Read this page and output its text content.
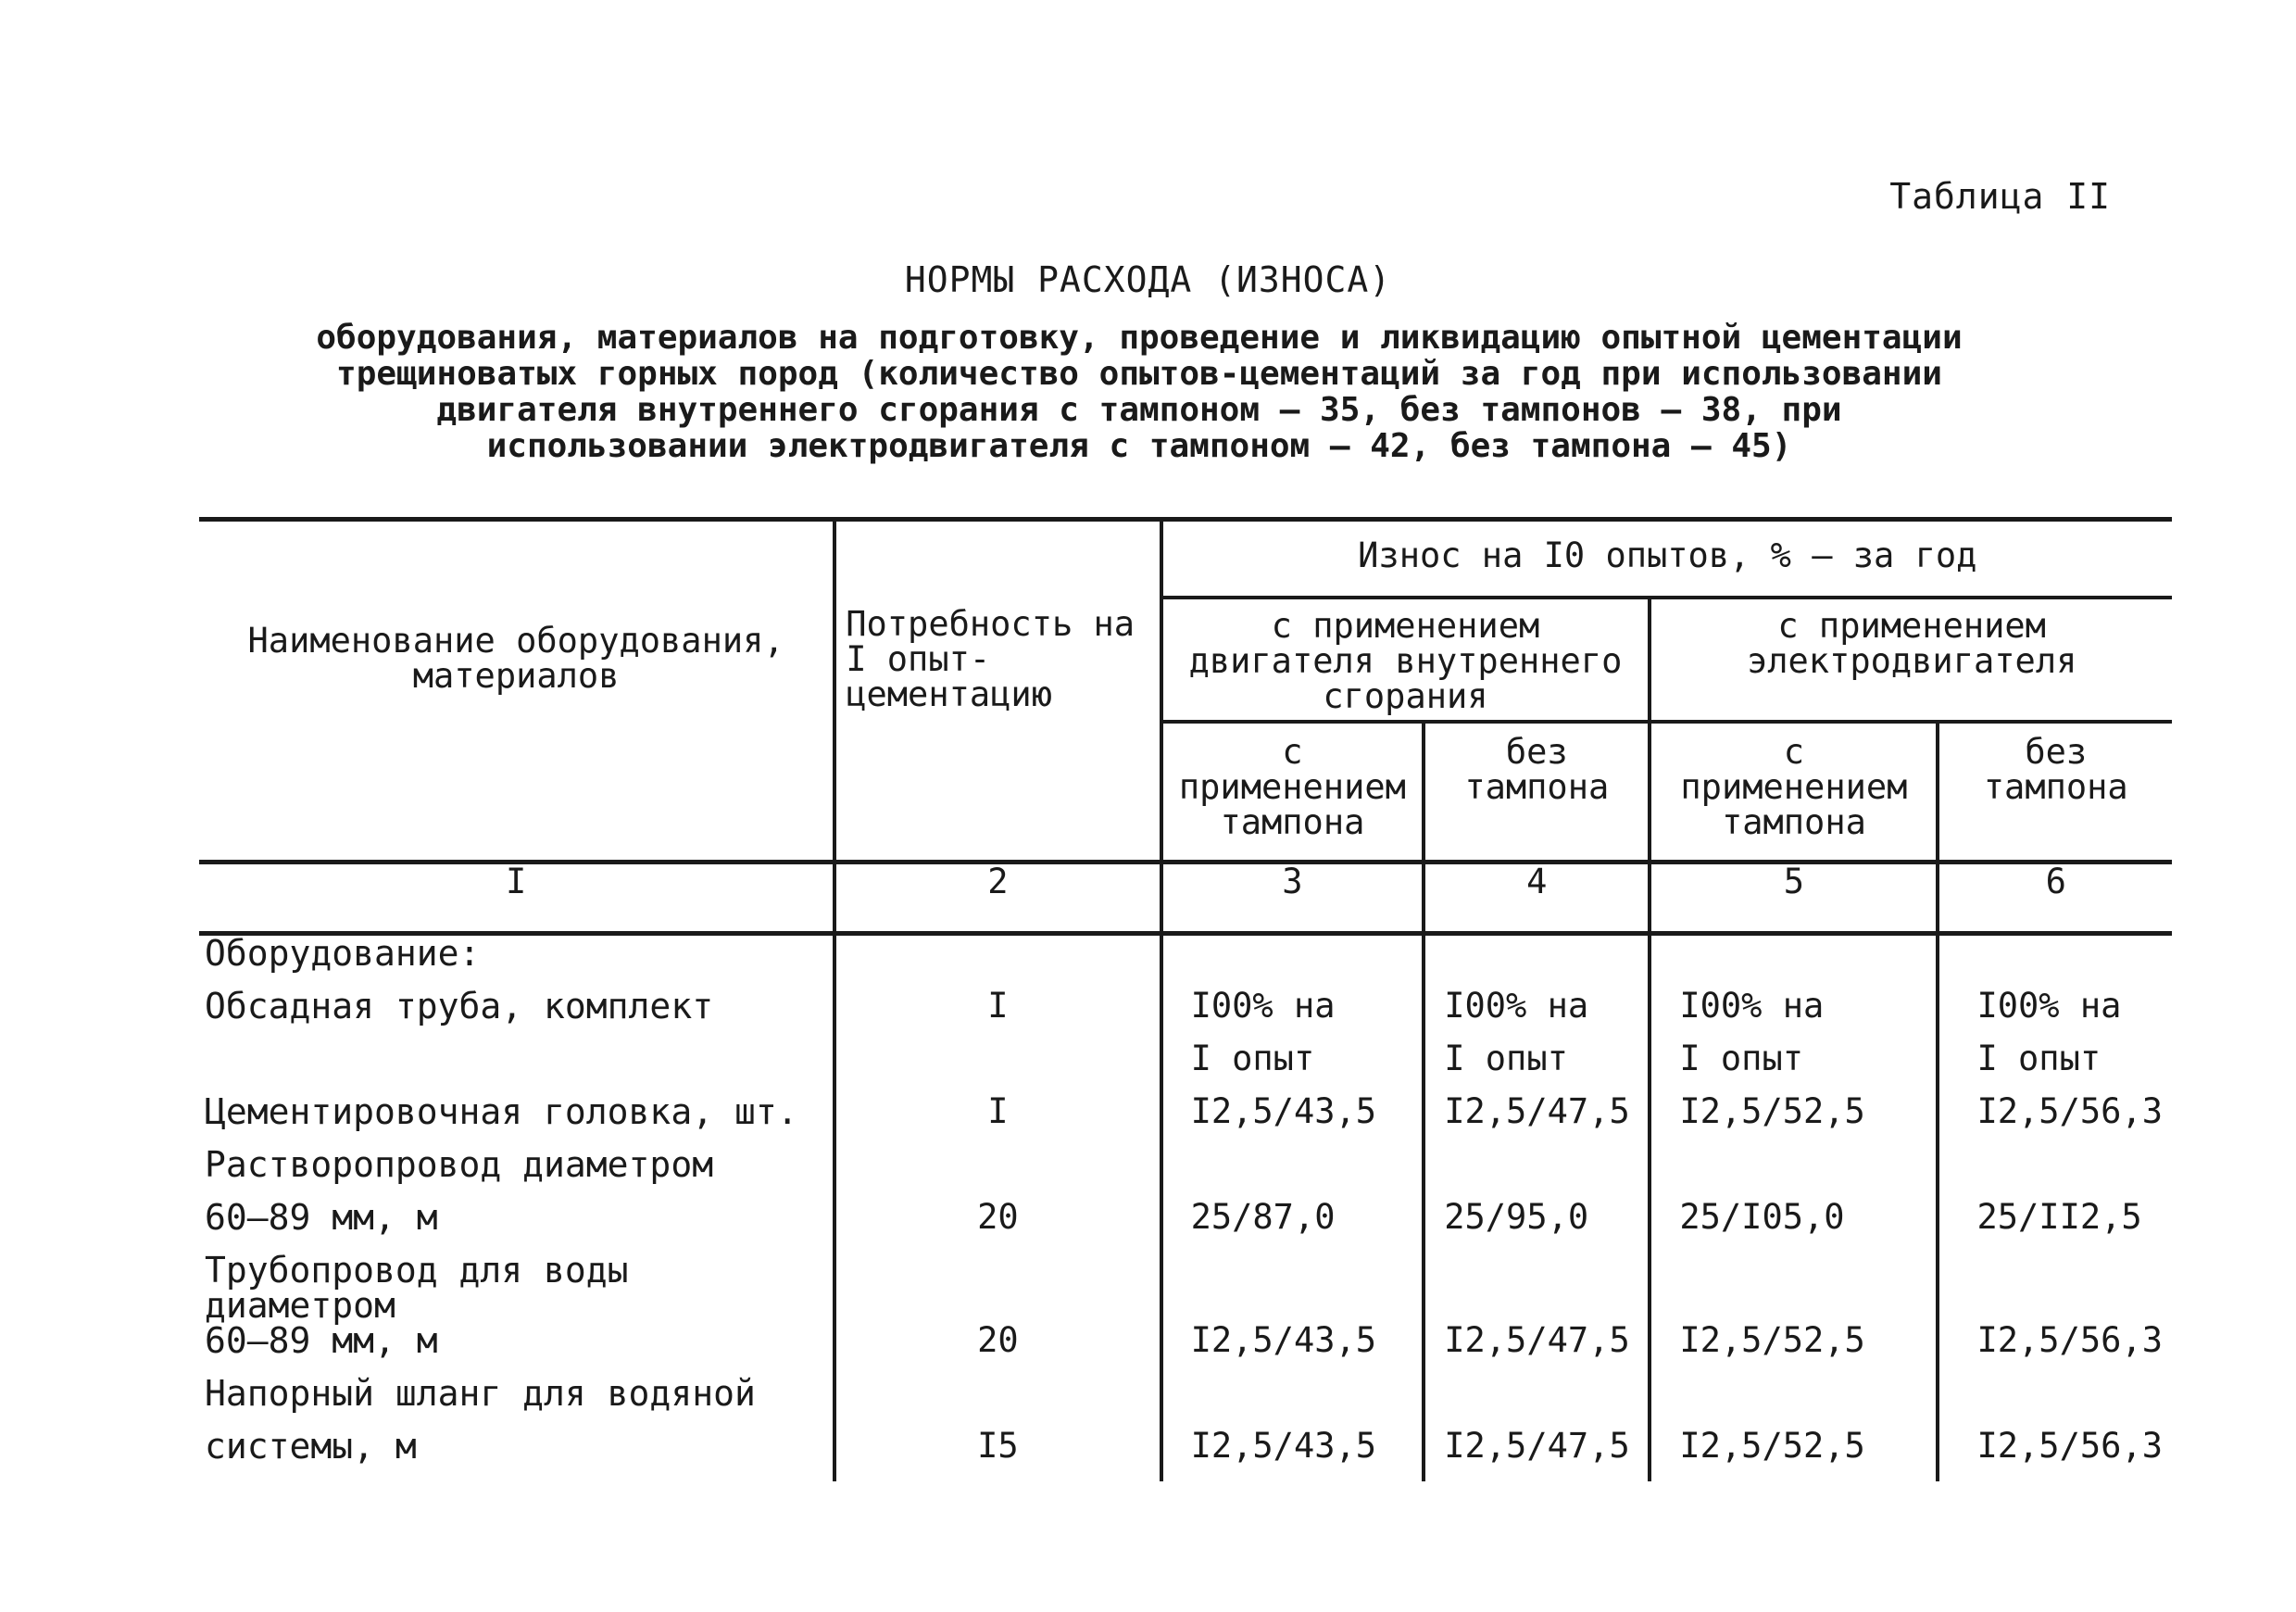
Таблица II
НОРМЫ РАСХОДА (ИЗНОСА)
оборудования, материалов на подготовку, проведение и ликвидацию опытной цементации
трещиноватых горных пород (количество опытов-цементаций за год при использовании
двигателя внутреннего сгорания с тампоном – 35, без тампонов – 38, при
использовании электродвигателя с тампоном – 42, без тампона – 45)
Наименование оборудования, материалов	Потребность на I опыт-цементацию	Износ на I0 опытов, % – за год			
		с применением двигателя внутреннего сгорания		с применением электродвигателя	
		с применением тампона	без тампона	с применением тампона	без тампона
I	2	3	4	5	6
Оборудование:					
Обсадная труба, комплект	I	I00% на	I00% на	I00% на	I00% на
		I опыт	I опыт	I опыт	I опыт
Цементировочная головка, шт.	I	I2,5/43,5	I2,5/47,5	I2,5/52,5	I2,5/56,3
Растворопровод диаметром					
60–89 мм, м	20	25/87,0	25/95,0	25/I05,0	25/II2,5
Трубопровод для воды диаметром					
60–89 мм, м	20	I2,5/43,5	I2,5/47,5	I2,5/52,5	I2,5/56,3
Напорный шланг для водяной					
системы, м	I5	I2,5/43,5	I2,5/47,5	I2,5/52,5	I2,5/56,3
